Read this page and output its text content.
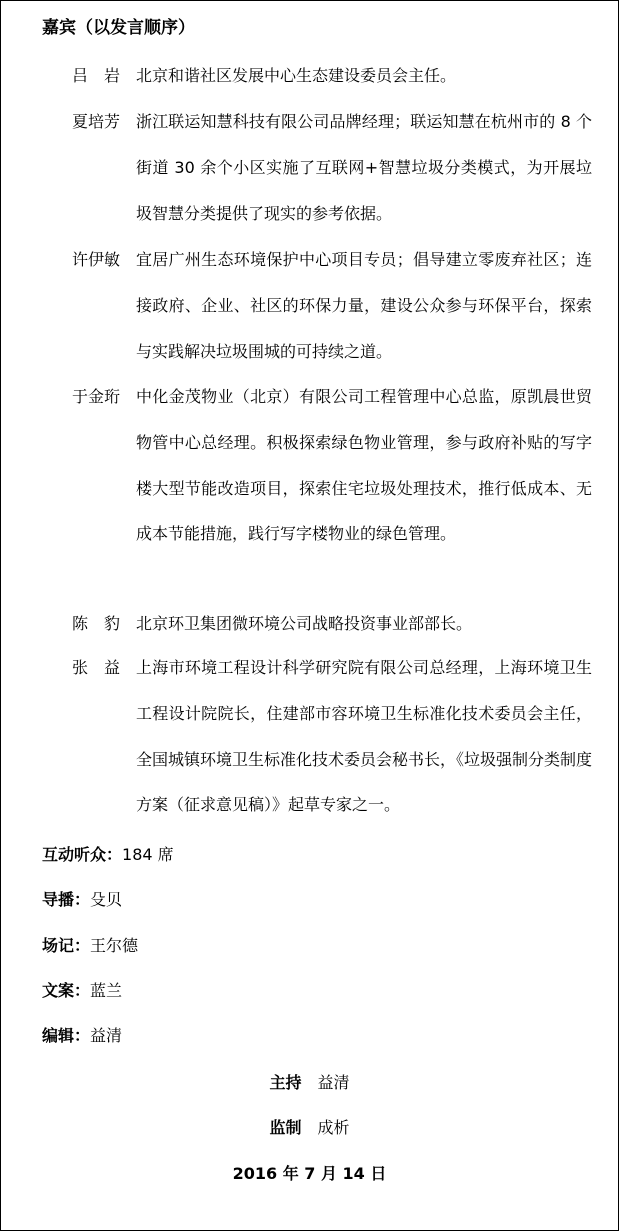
嘉宾（以发言顺序）
吕　岩 北京和谐社区发展中心生态建设委员会主任。
夏培芳 浙江联运知慧科技有限公司品牌经理；联运知慧在杭州市的 8 个街道 30 余个小区实施了互联网+智慧垃圾分类模式，为开展垃圾智慧分类提供了现实的参考依据。
许伊敏 宜居广州生态环境保护中心项目专员；倡导建立零废弃社区；连接政府、企业、社区的环保力量，建设公众参与环保平台，探索与实践解决垃圾围城的可持续之道。
于金珩 中化金茂物业（北京）有限公司工程管理中心总监，原凯晨世贸物管中心总经理。积极探索绿色物业管理，参与政府补贴的写字楼大型节能改造项目，探索住宅垃圾处理技术，推行低成本、无成本节能措施，践行写字楼物业的绿色管理。
陈　豹 北京环卫集团微环境公司战略投资事业部部长。
张　益 上海市环境工程设计科学研究院有限公司总经理，上海环境卫生工程设计院院长，住建部市容环境卫生标准化技术委员会主任，全国城镇环境卫生标准化技术委员会秘书长，《垃圾强制分类制度方案（征求意见稿）》起草专家之一。
互动听众：184 席
导播：殳贝
场记：王尔德
文案：蓝兰
编辑：益清
主持 益清
监制 成析
2016 年 7 月 14 日
